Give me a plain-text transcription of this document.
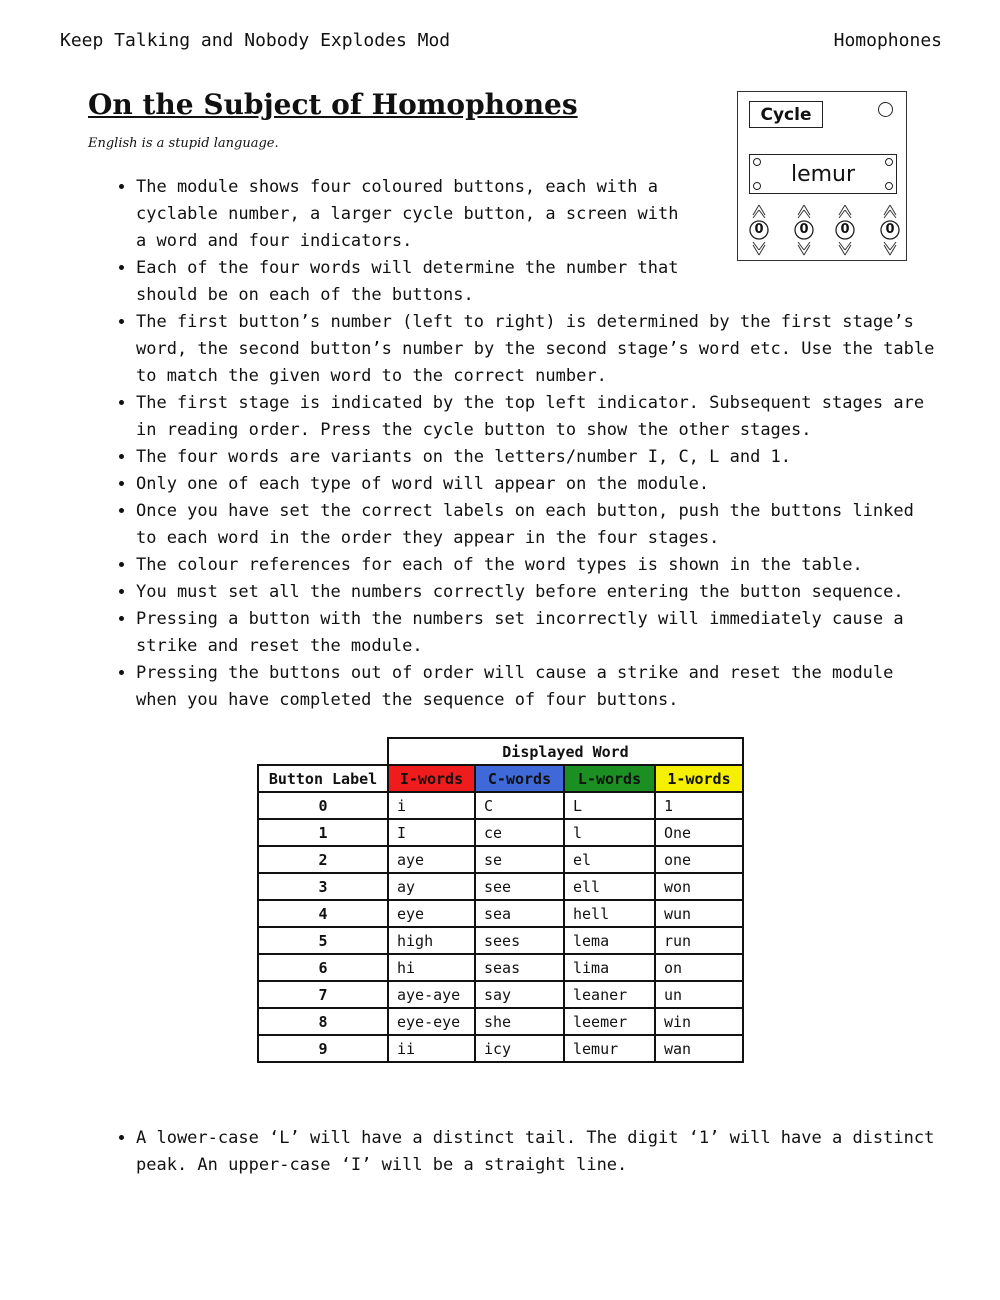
Keep Talking and Nobody Explodes Mod	Homophones
On the Subject of Homophones
English is a stupid language.
Cycle
lemur
0	0	0	0
• The module shows four coloured buttons, each with a cyclable number, a larger cycle button, a screen with a word and four indicators.
• Each of the four words will determine the number that should be on each of the buttons.
• The first button’s number (left to right) is determined by the first stage’s word, the second button’s number by the second stage’s word etc. Use the table to match the given word to the correct number.
• The first stage is indicated by the top left indicator. Subsequent stages are in reading order. Press the cycle button to show the other stages.
• The four words are variants on the letters/number I, C, L and 1.
• Only one of each type of word will appear on the module.
• Once you have set the correct labels on each button, push the buttons linked to each word in the order they appear in the four stages.
• The colour references for each of the word types is shown in the table.
• You must set all the numbers correctly before entering the button sequence.
• Pressing a button with the numbers set incorrectly will immediately cause a strike and reset the module.
• Pressing the buttons out of order will cause a strike and reset the module when you have completed the sequence of four buttons.
	Displayed Word			
Button Label	I-words	C-words	L-words	1-words
0	i	C	L	1
1	I	ce	l	One
2	aye	se	el	one
3	ay	see	ell	won
4	eye	sea	hell	wun
5	high	sees	lema	run
6	hi	seas	lima	on
7	aye-aye	say	leaner	un
8	eye-eye	she	leemer	win
9	ii	icy	lemur	wan
• A lower-case ‘L’ will have a distinct tail. The digit ‘1’ will have a distinct peak. An upper-case ‘I’ will be a straight line.
